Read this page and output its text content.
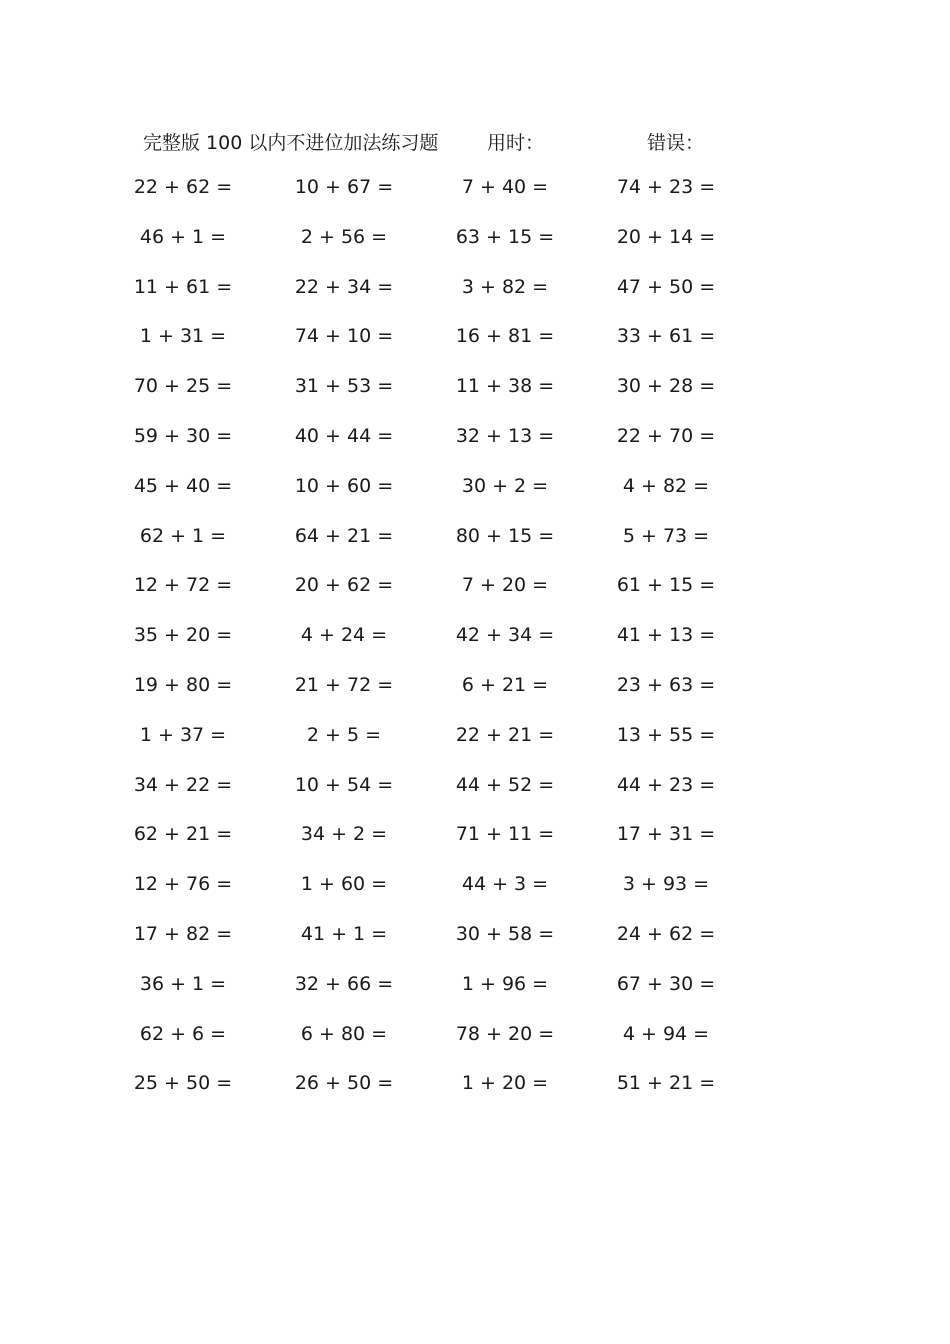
完整版 100 以内不进位加法练习题	用时：	错误：
22 + 62 =	10 + 67 =	7 + 40 =	74 + 23 =
46 + 1 =	2 + 56 =	63 + 15 =	20 + 14 =
11 + 61 =	22 + 34 =	3 + 82 =	47 + 50 =
1 + 31 =	74 + 10 =	16 + 81 =	33 + 61 =
70 + 25 =	31 + 53 =	11 + 38 =	30 + 28 =
59 + 30 =	40 + 44 =	32 + 13 =	22 + 70 =
45 + 40 =	10 + 60 =	30 + 2 =	4 + 82 =
62 + 1 =	64 + 21 =	80 + 15 =	5 + 73 =
12 + 72 =	20 + 62 =	7 + 20 =	61 + 15 =
35 + 20 =	4 + 24 =	42 + 34 =	41 + 13 =
19 + 80 =	21 + 72 =	6 + 21 =	23 + 63 =
1 + 37 =	2 + 5 =	22 + 21 =	13 + 55 =
34 + 22 =	10 + 54 =	44 + 52 =	44 + 23 =
62 + 21 =	34 + 2 =	71 + 11 =	17 + 31 =
12 + 76 =	1 + 60 =	44 + 3 =	3 + 93 =
17 + 82 =	41 + 1 =	30 + 58 =	24 + 62 =
36 + 1 =	32 + 66 =	1 + 96 =	67 + 30 =
62 + 6 =	6 + 80 =	78 + 20 =	4 + 94 =
25 + 50 =	26 + 50 =	1 + 20 =	51 + 21 =
